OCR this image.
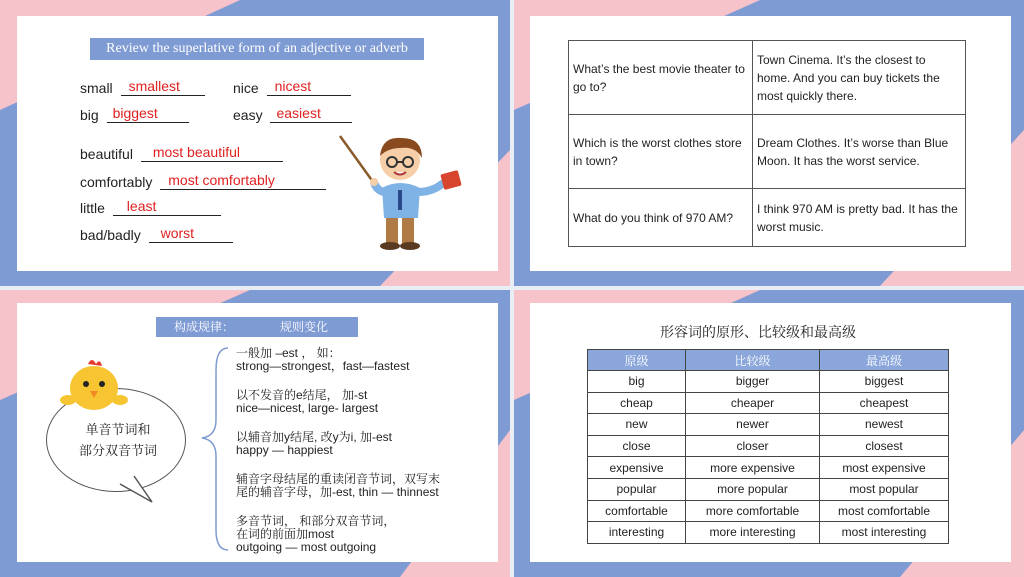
Review the superlative form of an adjective or adverb
small smallest	nice nicest
big biggest	easy easiest
beautiful most beautiful
comfortably most comfortably
little least
bad/badly worst
What’s the best movie theater to go to?	Town Cinema. It’s the closest to home. And you can buy tickets the most quickly there.
Which is the worst clothes store in town?	Dream Clothes. It’s worse than Blue Moon. It has the worst service.
What do you think of 970 AM?	I think 970 AM is pretty bad. It has the worst music.
构成规律：	规则变化
单音节词和
部分双音节词
一般加 –est ， 如：
strong—strongest，fast—fastest
以不发音的e结尾， 加-st
nice—nicest, large- largest
以辅音加y结尾, 改y为i, 加-est
happy — happiest
辅音字母结尾的重读闭音节词，双写末
尾的辅音字母，加-est, thin — thinnest
多音节词， 和部分双音节词，
在词的前面加most
outgoing — most outgoing
形容词的原形、比较级和最高级
原级	比较级	最高级
big	bigger	biggest
cheap	cheaper	cheapest
new	newer	newest
close	closer	closest
expensive	more expensive	most expensive
popular	more popular	most popular
comfortable	more comfortable	most comfortable
interesting	more interesting	most interesting
